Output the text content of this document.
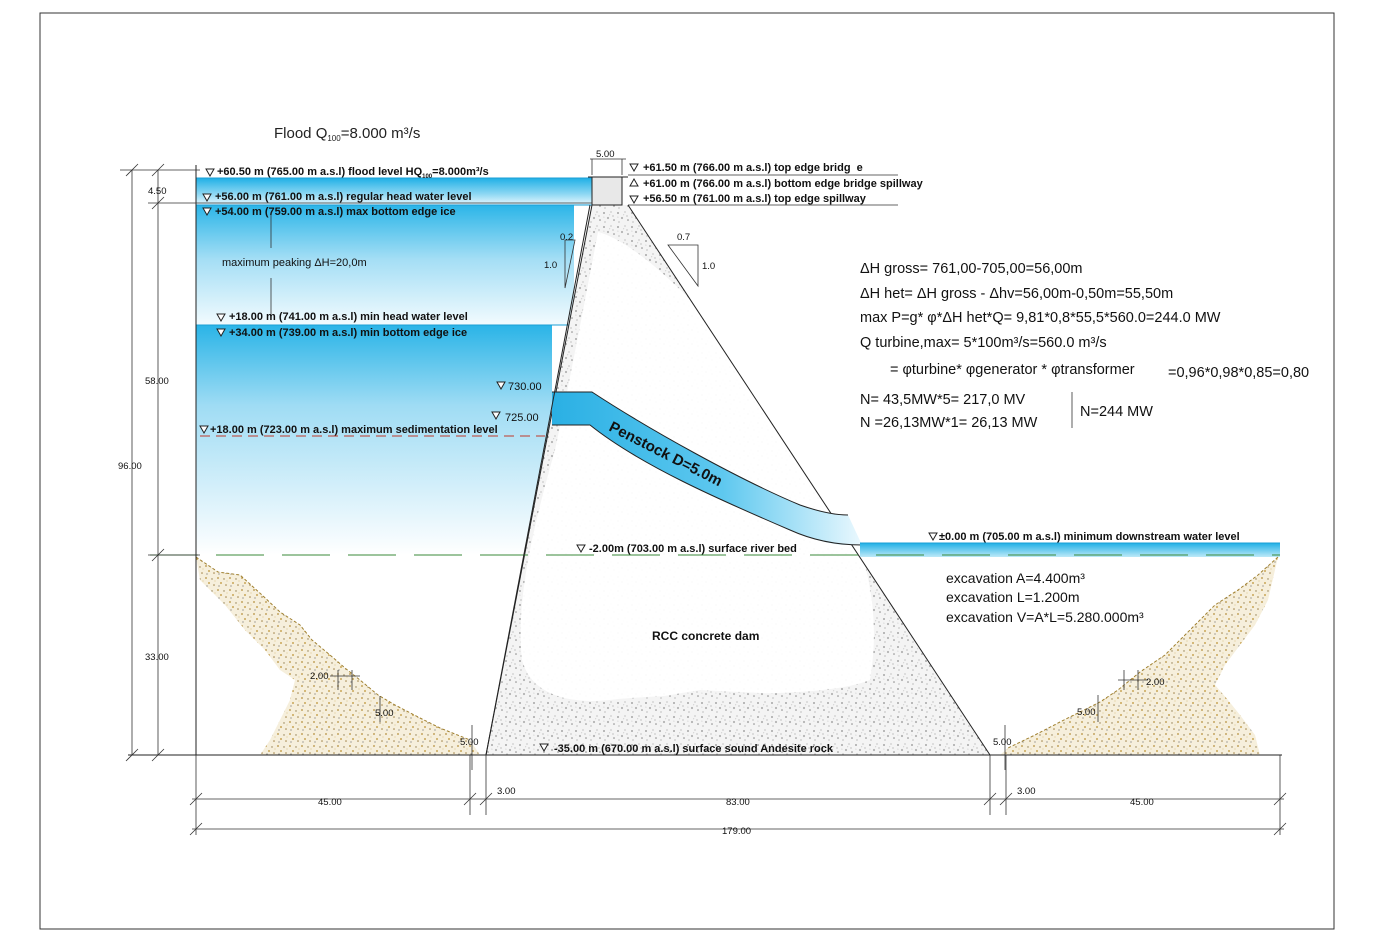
Flood $Q_{100}=8.000$ m³/s
5.00
Penstock D=5.0m
4.50
58.00
96.00
33.00
+60.50 m (765.00 m a.s.l) flood level $HQ_{100}=8.000m^3/s$
+56.00 m (761.00 m a.s.l) regular head water level
+54.00 m (759.00 m a.s.l) max bottom edge ice
maximum peaking ΔH=20,0m
+18.00 m (741.00 m a.s.l) min head water level
+34.00 m (739.00 m a.s.l) min bottom edge ice
+18.00 m (723.00 m a.s.l) maximum sedimentation level
730.00
725.00
-2.00m (703.00 m a.s.l) surface river bed
-35.00 m (670.00 m a.s.l) surface sound Andesite rock
±0.00 m (705.00 m a.s.l) minimum downstream water level
+61.50 m (766.00 m a.s.l) top edge bridg e
+61.00 m (766.00 m a.s.l) bottom edge bridge spillway
+56.50 m (761.00 m a.s.l) top edge spillway
0.2
1.0
0.7
1.0
RCC concrete dam
ΔH gross= 761,00-705,00=56,00m
ΔH het= ΔH gross - Δhv=56,00m-0,50m=55,50m
max P=g* φ*ΔH het*Q= 9,81*0,8*55,5*560.0=244.0 MW
Q turbine,max= 5*100m³/s=560.0 m³/s
= φturbine* φgenerator * φtransformer =0,96*0,98*0,85=0,80
N= 43,5MW*5= 217,0 MV
N =26,13MW*1= 26,13 MW
N=244 MW
excavation A=4.400m³
excavation L=1.200m
excavation V=A*L=5.280.000m³
2.00
5.00
5.00
2.00
5.00
5.00
45.00
3.00
83.00
3.00
45.00
179.00
